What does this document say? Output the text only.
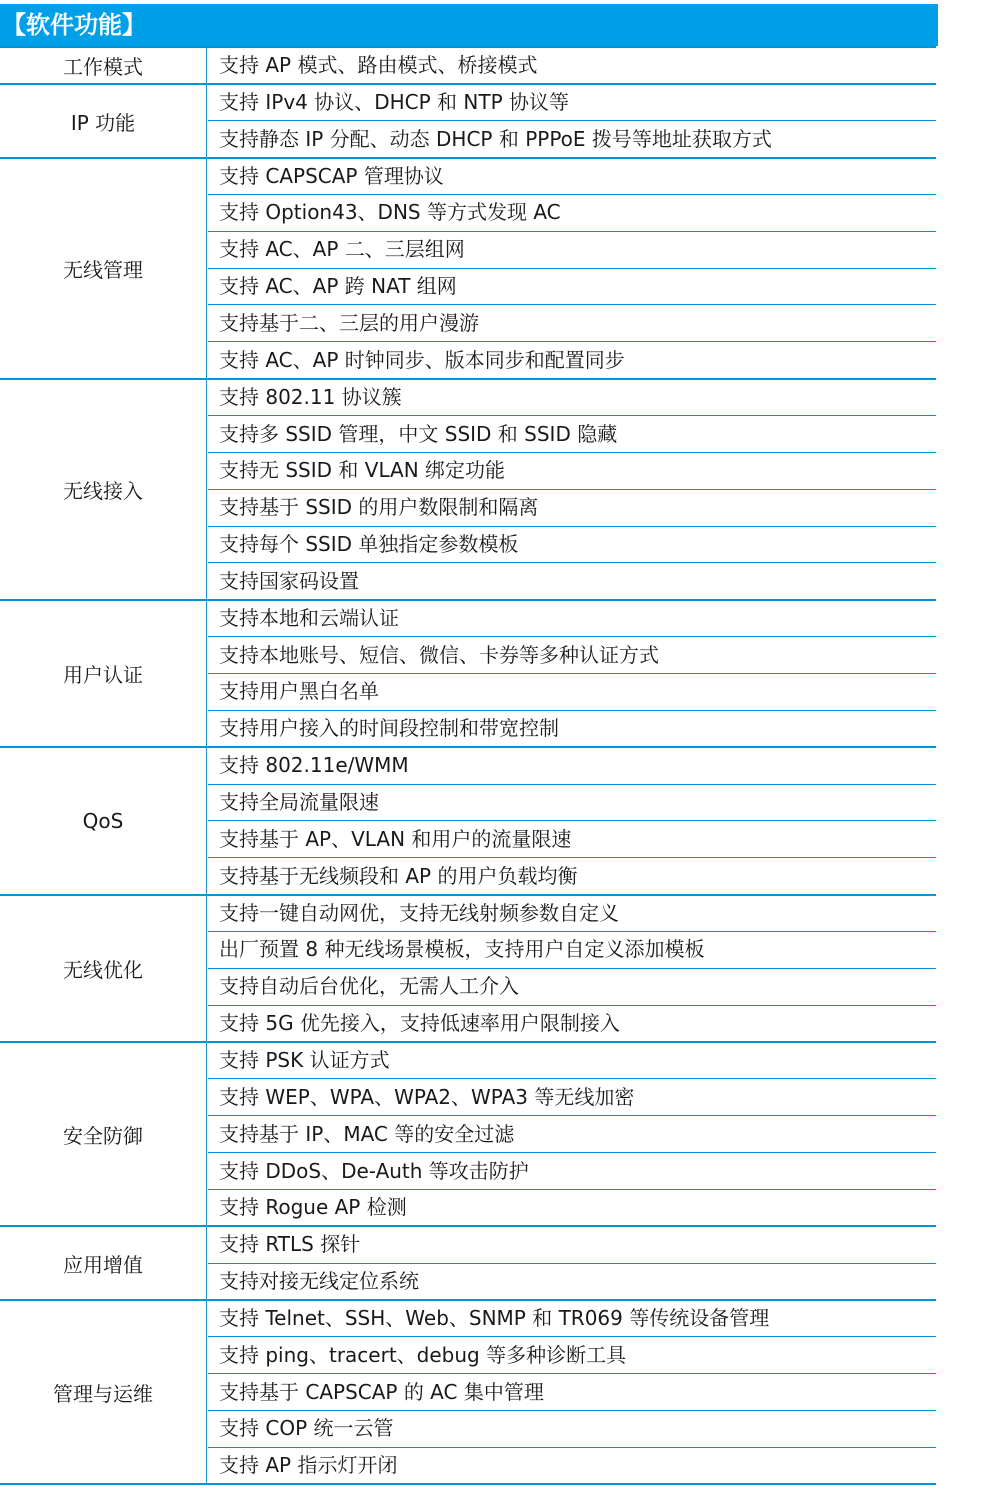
【软件功能】
工作模式	支持 AP 模式、路由模式、桥接模式
IP 功能
支持 IPv4 协议、DHCP 和 NTP 协议等
支持静态 IP 分配、动态 DHCP 和 PPPoE 拨号等地址获取方式
无线管理
支持 CAPSCAP 管理协议
支持 Option43、DNS 等方式发现 AC
支持 AC、AP 二、三层组网
支持 AC、AP 跨 NAT 组网
支持基于二、三层的用户漫游
支持 AC、AP 时钟同步、版本同步和配置同步
无线接入
支持 802.11 协议簇
支持多 SSID 管理，中文 SSID 和 SSID 隐藏
支持无 SSID 和 VLAN 绑定功能
支持基于 SSID 的用户数限制和隔离
支持每个 SSID 单独指定参数模板
支持国家码设置
用户认证
支持本地和云端认证
支持本地账号、短信、微信、卡券等多种认证方式
支持用户黑白名单
支持用户接入的时间段控制和带宽控制
QoS
支持 802.11e/WMM
支持全局流量限速
支持基于 AP、VLAN 和用户的流量限速
支持基于无线频段和 AP 的用户负载均衡
无线优化
支持一键自动网优，支持无线射频参数自定义
出厂预置 8 种无线场景模板，支持用户自定义添加模板
支持自动后台优化，无需人工介入
支持 5G 优先接入，支持低速率用户限制接入
安全防御
支持 PSK 认证方式
支持 WEP、WPA、WPA2、WPA3 等无线加密
支持基于 IP、MAC 等的安全过滤
支持 DDoS、De-Auth 等攻击防护
支持 Rogue AP 检测
应用增值
支持 RTLS 探针
支持对接无线定位系统
管理与运维
支持 Telnet、SSH、Web、SNMP 和 TR069 等传统设备管理
支持 ping、tracert、debug 等多种诊断工具
支持基于 CAPSCAP 的 AC 集中管理
支持 COP 统一云管
支持 AP 指示灯开闭
